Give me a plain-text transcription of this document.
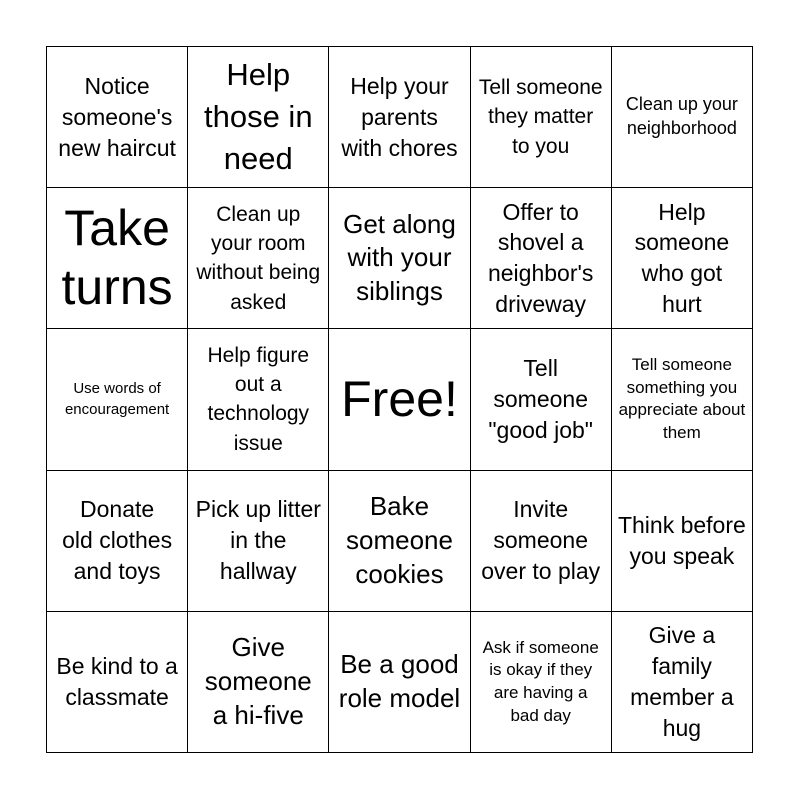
Notice someone's new haircut
Help those in need
Help your parents with chores
Tell someone they matter to you
Clean up your neighborhood
Take turns
Clean up your room without being asked
Get along with your siblings
Offer to shovel a neighbor's driveway
Help someone who got hurt
Use words of encouragement
Help figure out a technology issue
Free!
Tell someone "good job"
Tell someone something you appreciate about them
Donate old clothes and toys
Pick up litter in the hallway
Bake someone cookies
Invite someone over to play
Think before you speak
Be kind to a classmate
Give someone a hi-five
Be a good role model
Ask if someone is okay if they are having a bad day
Give a family member a hug
